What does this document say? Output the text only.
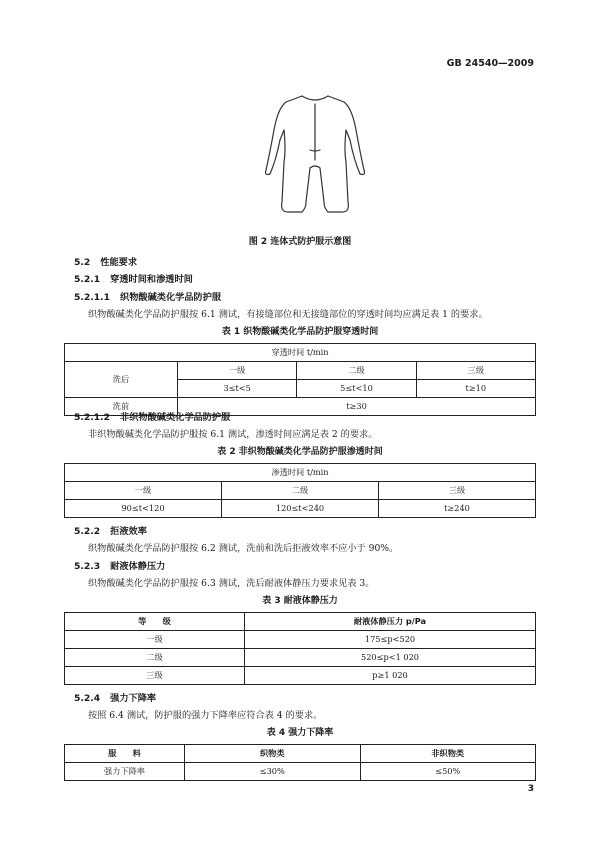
GB 24540—2009
图 2 连体式防护服示意图
5.2 性能要求
5.2.1 穿透时间和渗透时间
5.2.1.1 织物酸碱类化学品防护服
织物酸碱类化学品防护服按 6.1 测试，有接缝部位和无接缝部位的穿透时间均应满足表 1 的要求。
表 1 织物酸碱类化学品防护服穿透时间
穿透时间 t/min			
洗后	一级	二级	三级
	3≤t<5	5≤t<10	t≥10
洗前	t≥30		
5.2.1.2 非织物酸碱类化学品防护服
非织物酸碱类化学品防护服按 6.1 测试，渗透时间应满足表 2 的要求。
表 2 非织物酸碱类化学品防护服渗透时间
渗透时间 t/min		
一级	二级	三级
90≤t<120	120≤t<240	t≥240
5.2.2 拒液效率
织物酸碱类化学品防护服按 6.2 测试，洗前和洗后拒液效率不应小于 90%。
5.2.3 耐液体静压力
织物酸碱类化学品防护服按 6.3 测试，洗后耐液体静压力要求见表 3。
表 3 耐液体静压力
等　　级	耐液体静压力 p/Pa
一级	175≤p<520
二级	520≤p<1 020
三级	p≥1 020
5.2.4 强力下降率
按照 6.4 测试，防护服的强力下降率应符合表 4 的要求。
表 4 强力下降率
服　　料	织物类	非织物类
强力下降率	≤30%	≤50%
3
